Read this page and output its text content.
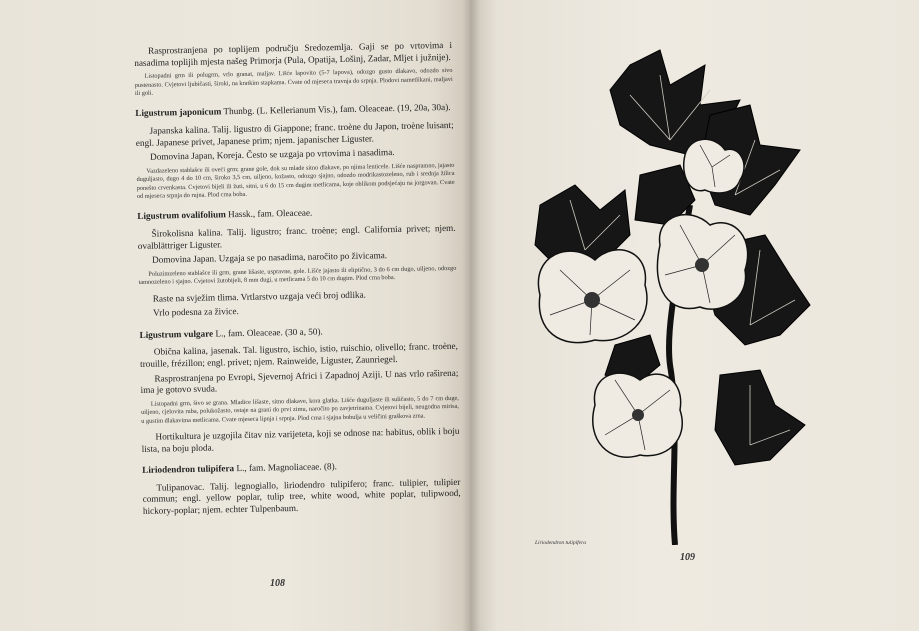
Rasprostranjena po toplijem području Sredozemlja. Gaji se po vrtovima i nasadima toplijih mjesta našeg Primorja (Pula, Opatija, Lošinj, Zadar, Mljet i južnije).

Listopadni grm ili polugrm, vrlo granat, maljav. Lišće lapovito (5-7 lapova), odozgo gusto dlakavo, odozdo sivo pustenasto. Cvjetovi ljubičasti, široki, na kratkim stapkama. Cvate od mjeseca travnja do srpnja. Plodovi nametlikani, maljavi ili goli.

Ligustrum japonicum Thunbg. (L. Kellerianum Vis.), fam. Oleaceae. (19, 20a, 30a).

Japanska kalina. Talij. ligustro di Giappone; franc. troène du Japon, troène luisant; engl. Japanese privet, Japanese prim; njem. japanischer Liguster.

Domovina Japan, Koreja. Često se uzgaja po vrtovima i nasadima.

Vazdazeleno stablašce ili oveći grm; grane gole, dok su mlade sitno dlakave, po njima lenticele. Lišće naspramno, jajasto duguljasto, dugo 4 do 10 cm, široko 3,5 cm, uiljeno, kožasto, odozgo sjajno, odozdo modrikastozeleno, rub i srednja žilica ponešto crvenkasta. Cvjetovi bijeli ili žuti, sitni, u 6 do 15 cm dugim metlicama, koje oblikom podsjećaju na jorgovan. Cvate od mjeseca srpnja do rujna. Plod crna boba.

Ligustrum ovalifolium Hassk., fam. Oleaceae.

Širokolisna kalina. Talij. ligustro; franc. troène; engl. California privet; njem. ovalblättriger Liguster.

Domovina Japan. Uzgaja se po nasadima, naročito po živicama.

Poluzimzeleno stablašce ili grm, grane lišaste, uspravne, gole. Lišće jajasto ili eliptično, 3 do 6 cm dugo, uiljeno, odozgo tamnozeleno i sjajno. Cvjetovi žutobijeli, 8 mm dugi, u metlicama 5 do 10 cm dugim. Plod crna boba.

Raste na svježim tlima. Vrtlarstvo uzgaja veći broj odlika.

Vrlo podesna za živice.

Ligustrum vulgare L., fam. Oleaceae. (30 a, 50).

Obična kalina, jasenak. Tal. ligustro, ischio, istio, ruischio, olivello; franc. troène, trouille, frézillon; engl. privet; njem. Rainweide, Liguster, Zaunriegel.

Rasprostranjena po Evropi, Sjevernoj Africi i Zapadnoj Aziji. U nas vrlo raširena; ima je gotovo svuda.

Listopadni grm, šivo se grana. Mladice lišaste, sitno dlakave, kora glatka. Lišće duguljaste ili suličasto, 5 do 7 cm duge, uiljeno, cjelovita ruba, polukožasto, ostaje na grani do prvi zimu, naročito po zavjetrinama. Cvjetovi bijeli, neugodna mirisa, u gustim dlakavima metlicama. Cvate mjeseca lipnja i srpnja. Plod crna i sjajna bobulja u veličini graškova zrna.

Hortikultura je uzgojila čitav niz varijeteta, koji se odnose na: habitus, oblik i boju lista, na boju ploda.

Liriodendron tulipifera L., fam. Magnoliaceae. (8).

Tulipanovac. Talij. legnogiallo, liriodendro tulipifero; franc. tulipier, tulipier commun; engl. yellow poplar, tulip tree, white wood, white poplar, tulipwood, hickory-poplar; njem. echter Tulpenbaum.

108
Liriodendron tulipifera
109
